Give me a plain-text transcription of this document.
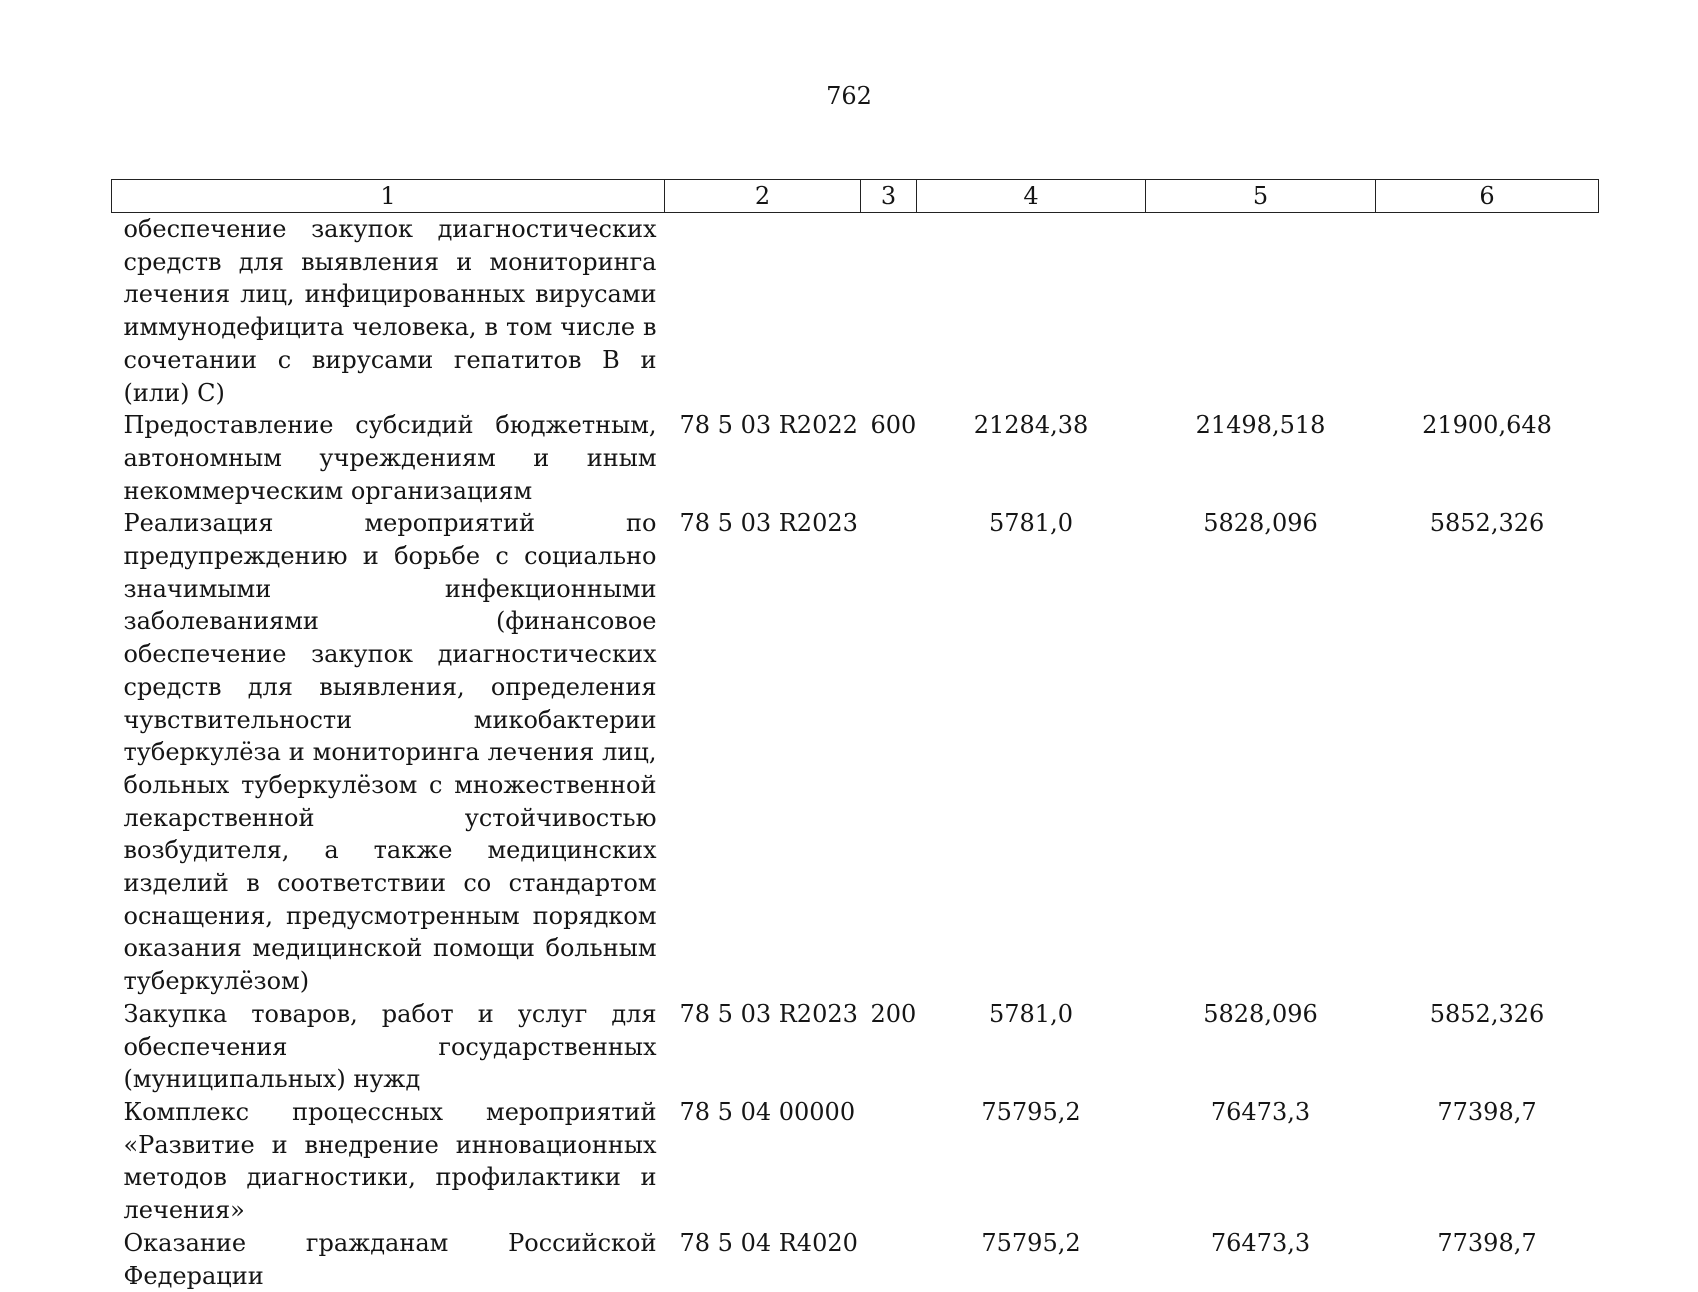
762
1	2	3	4	5	6
обеспечение закупок диагностических средств для выявления и мониторинга лечения лиц, инфицированных вирусами иммунодефицита человека, в том числе в сочетании с вирусами гепатитов B и (или) C)					
Предоставление субсидий бюджетным, автономным учреждениям и иным некоммерческим организациям	78 5 03 R2022	600	21284,38	21498,518	21900,648
Реализация мероприятий по предупреждению и борьбе с социально значимыми инфекционными заболеваниями (финансовое обеспечение закупок диагностических средств для выявления, определения чувствительности микобактерии туберкулёза и мониторинга лечения лиц, больных туберкулёзом с множественной лекарственной устойчивостью возбудителя, а также медицинских изделий в соответствии со стандартом оснащения, предусмотренным порядком оказания медицинской помощи больным туберкулёзом)	78 5 03 R2023		5781,0	5828,096	5852,326
Закупка товаров, работ и услуг для обеспечения государственных (муниципальных) нужд	78 5 03 R2023	200	5781,0	5828,096	5852,326
Комплекс процессных мероприятий «Развитие и внедрение инновационных методов диагностики, профилактики и лечения»	78 5 04 00000		75795,2	76473,3	77398,7
Оказание гражданам Российской Федерации	78 5 04 R4020		75795,2	76473,3	77398,7
